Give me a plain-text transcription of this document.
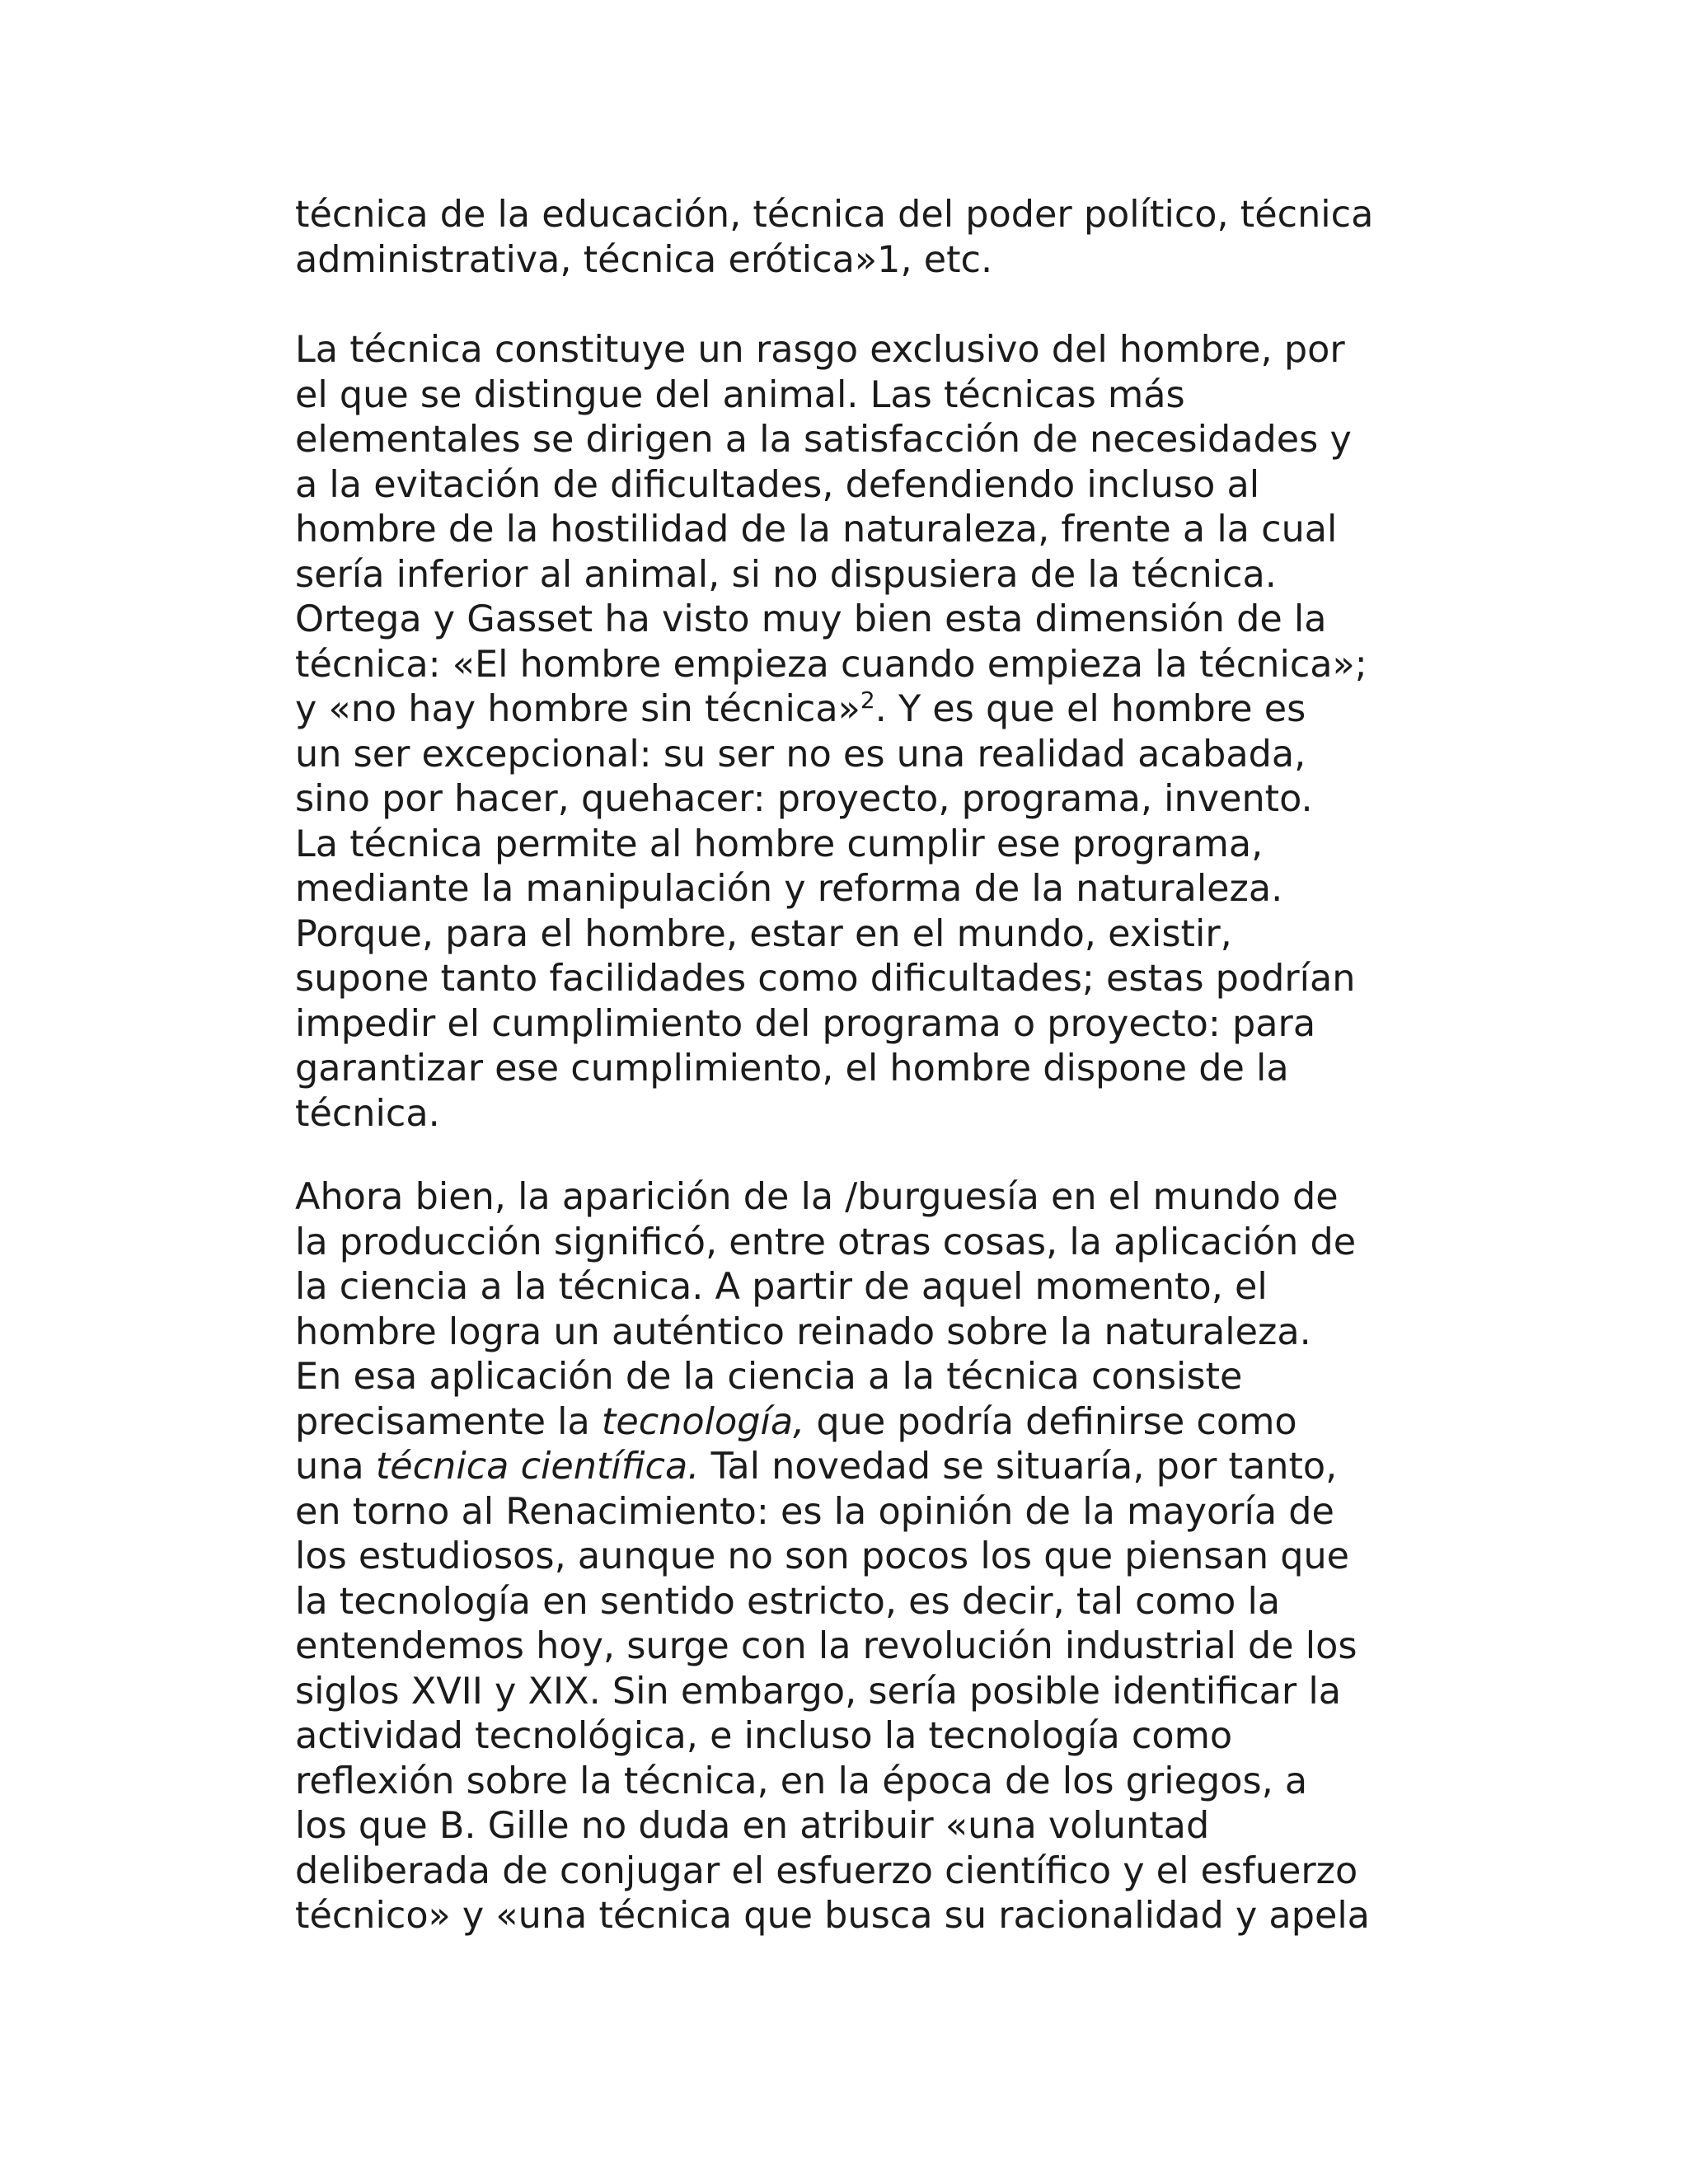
técnica de la educación, técnica del poder político, técnica
administrativa, técnica erótica»1, etc.
La técnica constituye un rasgo exclusivo del hombre, por
el que se distingue del animal. Las técnicas más
elementales se dirigen a la satisfacción de necesidades y
a la evitación de dificultades, defendiendo incluso al
hombre de la hostilidad de la naturaleza, frente a la cual
sería inferior al animal, si no dispusiera de la técnica.
Ortega y Gasset ha visto muy bien esta dimensión de la
técnica: «El hombre empieza cuando empieza la técnica»;
y «no hay hombre sin técnica»$^2$. Y es que el hombre es
un ser excepcional: su ser no es una realidad acabada,
sino por hacer, quehacer: proyecto, programa, invento.
La técnica permite al hombre cumplir ese programa,
mediante la manipulación y reforma de la naturaleza.
Porque, para el hombre, estar en el mundo, existir,
supone tanto facilidades como dificultades; estas podrían
impedir el cumplimiento del programa o proyecto: para
garantizar ese cumplimiento, el hombre dispone de la
técnica.
Ahora bien, la aparición de la /burguesía en el mundo de
la producción significó, entre otras cosas, la aplicación de
la ciencia a la técnica. A partir de aquel momento, el
hombre logra un auténtico reinado sobre la naturaleza.
En esa aplicación de la ciencia a la técnica consiste
precisamente la tecnología, que podría definirse como
una técnica científica. Tal novedad se situaría, por tanto,
en torno al Renacimiento: es la opinión de la mayoría de
los estudiosos, aunque no son pocos los que piensan que
la tecnología en sentido estricto, es decir, tal como la
entendemos hoy, surge con la revolución industrial de los
siglos XVII y XIX. Sin embargo, sería posible identificar la
actividad tecnológica, e incluso la tecnología como
reflexión sobre la técnica, en la época de los griegos, a
los que B. Gille no duda en atribuir «una voluntad
deliberada de conjugar el esfuerzo científico y el esfuerzo
técnico» y «una técnica que busca su racionalidad y apela
